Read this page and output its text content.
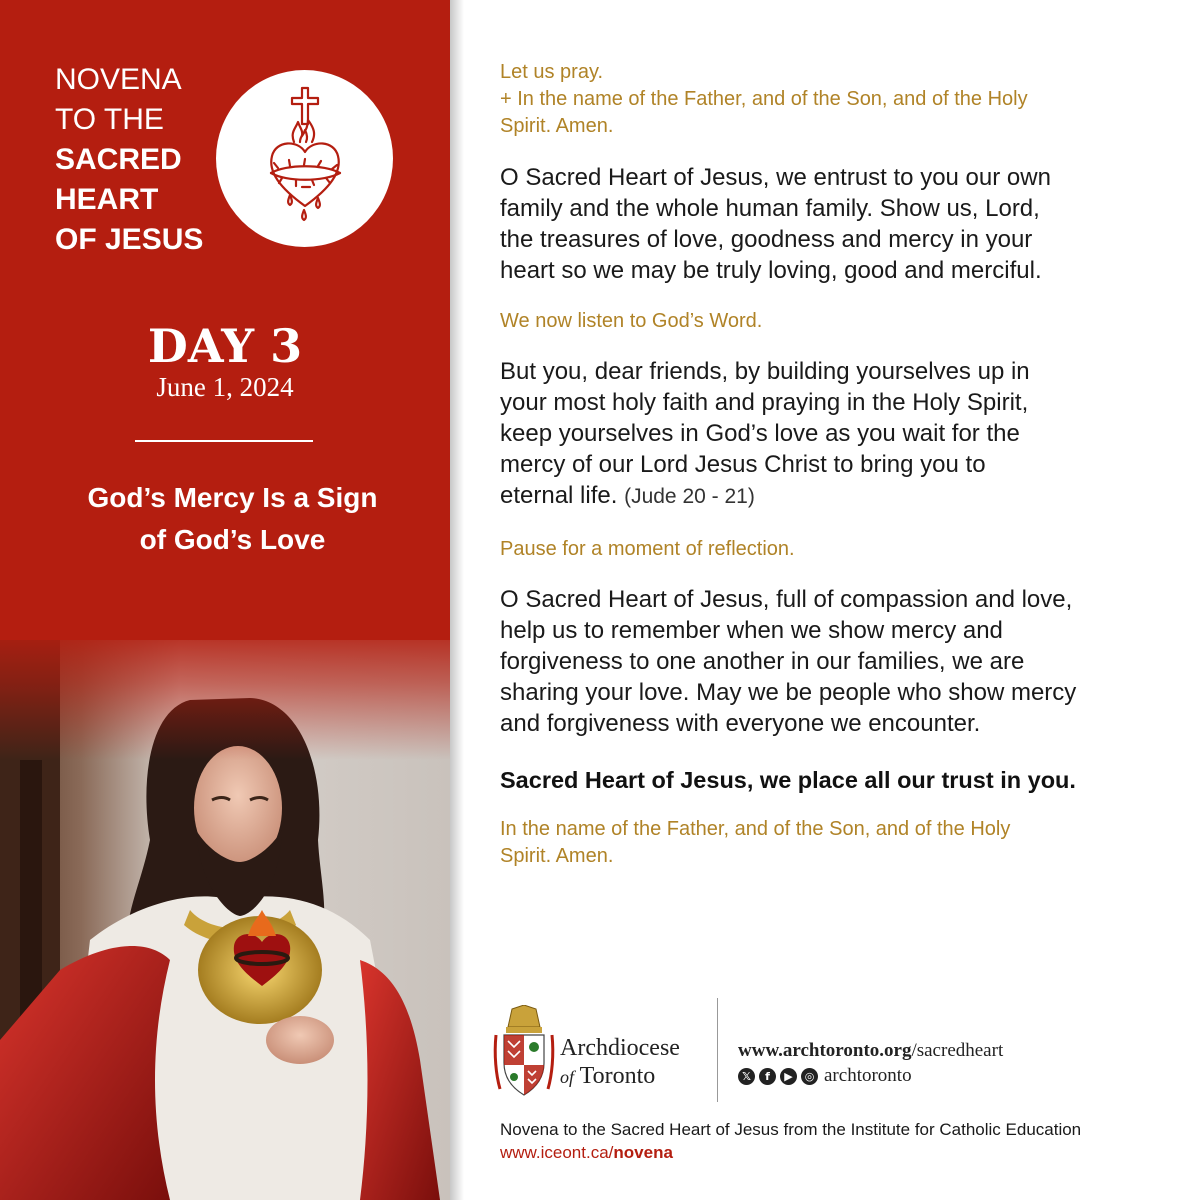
NOVENA
TO THE
SACRED
HEART
OF JESUS
DAY 3
June 1, 2024
God’s Mercy Is a Sign
of God’s Love
Let us pray.
+ In the name of the Father, and of the Son, and of the Holy
Spirit. Amen.
O Sacred Heart of Jesus, we entrust to you our own
family and the whole human family. Show us, Lord,
the treasures of love, goodness and mercy in your
heart so we may be truly loving, good and merciful.
We now listen to God’s Word.
But you, dear friends, by building yourselves up in
your most holy faith and praying in the Holy Spirit,
keep yourselves in God’s love as you wait for the
mercy of our Lord Jesus Christ to bring you to
eternal life. (Jude 20 - 21)
Pause for a moment of reflection.
O Sacred Heart of Jesus, full of compassion and love,
help us to remember when we show mercy and
forgiveness to one another in our families, we are
sharing your love. May we be people who show mercy
and forgiveness with everyone we encounter.
Sacred Heart of Jesus, we place all our trust in you.
In the name of the Father, and of the Son, and of the Holy
Spirit. Amen.
Archdiocese
of Toronto
www.archtoronto.org/sacredheart
𝕏	f	▶	◎ archtoronto
Novena to the Sacred Heart of Jesus from the Institute for Catholic Education
www.iceont.ca/novena
